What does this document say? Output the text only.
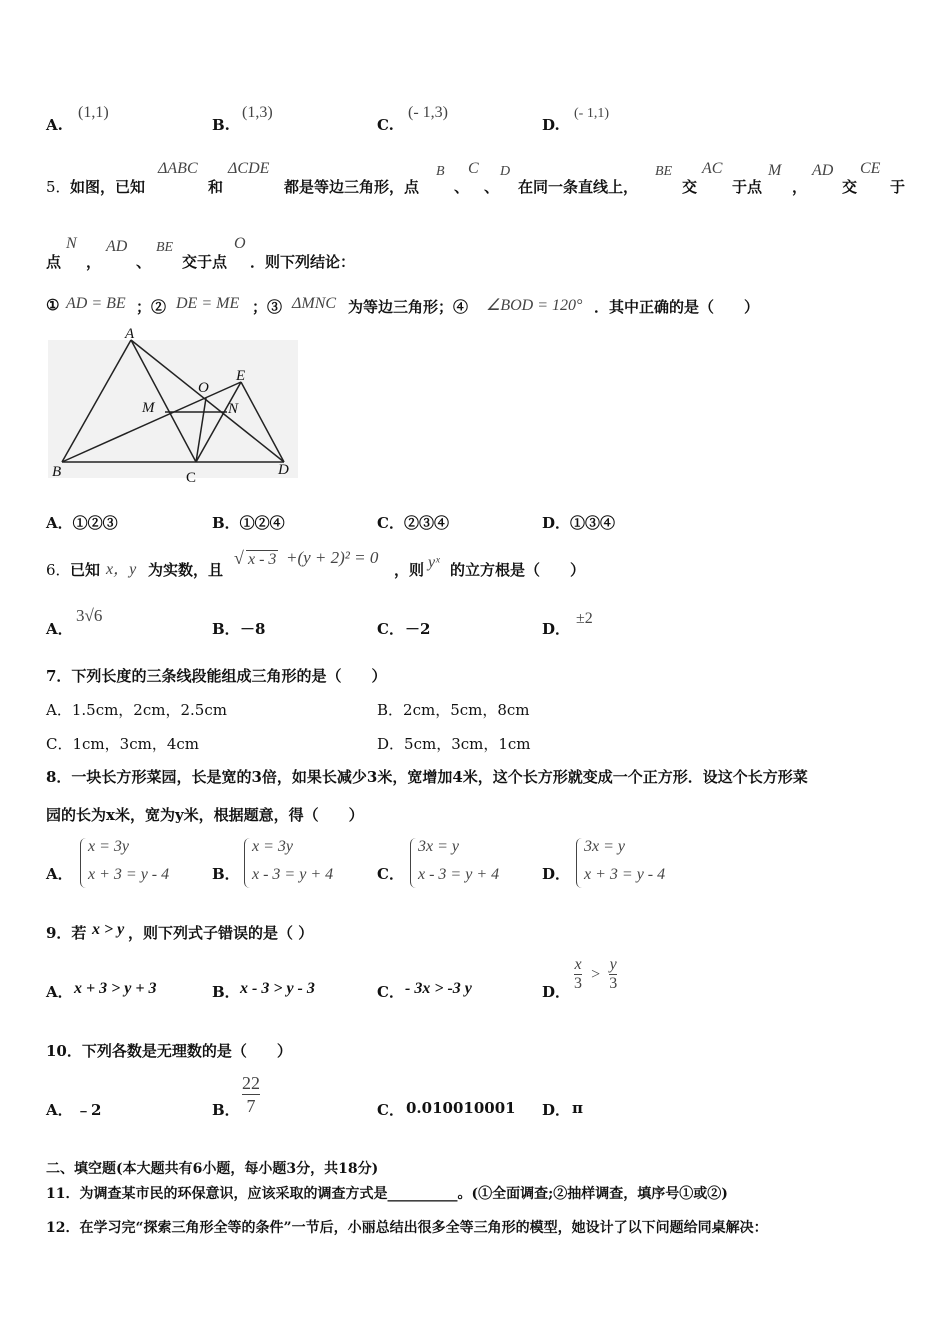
A.
(1,1)
B.
(1,3)
C.
(- 1,3)
D.
(- 1,1)
5． 如图，已知
ΔABC
和
ΔCDE
都是等边三角形，点
B
、
C
、
D
在同一条直线上，
BE
交
AC
于点
M
，
AD
交
CE
于
点
N
，
AD
、
BE
交于点
O
．则下列结论：
① AD = BE ；② DE = ME ；③ ΔMNC 为等边三角形；④ ∠BOD = 120° ．其中正确的是（　　）
A
B	C	D
E
M	N
O
A．①②③	B．①②④	C．②③④	D．①③④
6． 已知 x，y 为实数，且
√ x - 3 +(y + 2)² = 0
，则 yˣ 的立方根是（　　）
A．
3√6
B． －8	C． －2	D．
±2
7．下列长度的三条线段能组成三角形的是（　　）
A．1.5cm，2cm，2.5cm	B．2cm，5cm，8cm
C．1cm，3cm，4cm	D．5cm，3cm，1cm
8．一块长方形菜园，长是宽的3倍，如果长减少3米，宽增加4米，这个长方形就变成一个正方形．设这个长方形菜
园的长为x米，宽为y米，根据题意，得（　　）
A．
x = 3y
x + 3 = y - 4	B．
x = 3y
x - 3 = y + 4	C．
3x = y
x - 3 = y + 4	D．
3x = y
x + 3 = y - 4
9．若 x > y ，则下列式子错误的是（ ）
A． x + 3 > y + 3	B． x - 3 > y - 3	C． - 3x > -3 y	D． $\frac{x}{3} > \frac{y}{3}$
10．下列各数是无理数的是（　　）
A． ﹣2	B． $\frac{22}{7}$	C． 0.010010001 D． π
二、填空题(本大题共有6小题，每小题3分，共18分)
11．为调查某市民的环保意识，应该采取的调查方式是__________。(①全面调查;②抽样调查，填序号①或②)
12．在学习完“探索三角形全等的条件”一节后，小丽总结出很多全等三角形的模型，她设计了以下问题给同桌解决：
